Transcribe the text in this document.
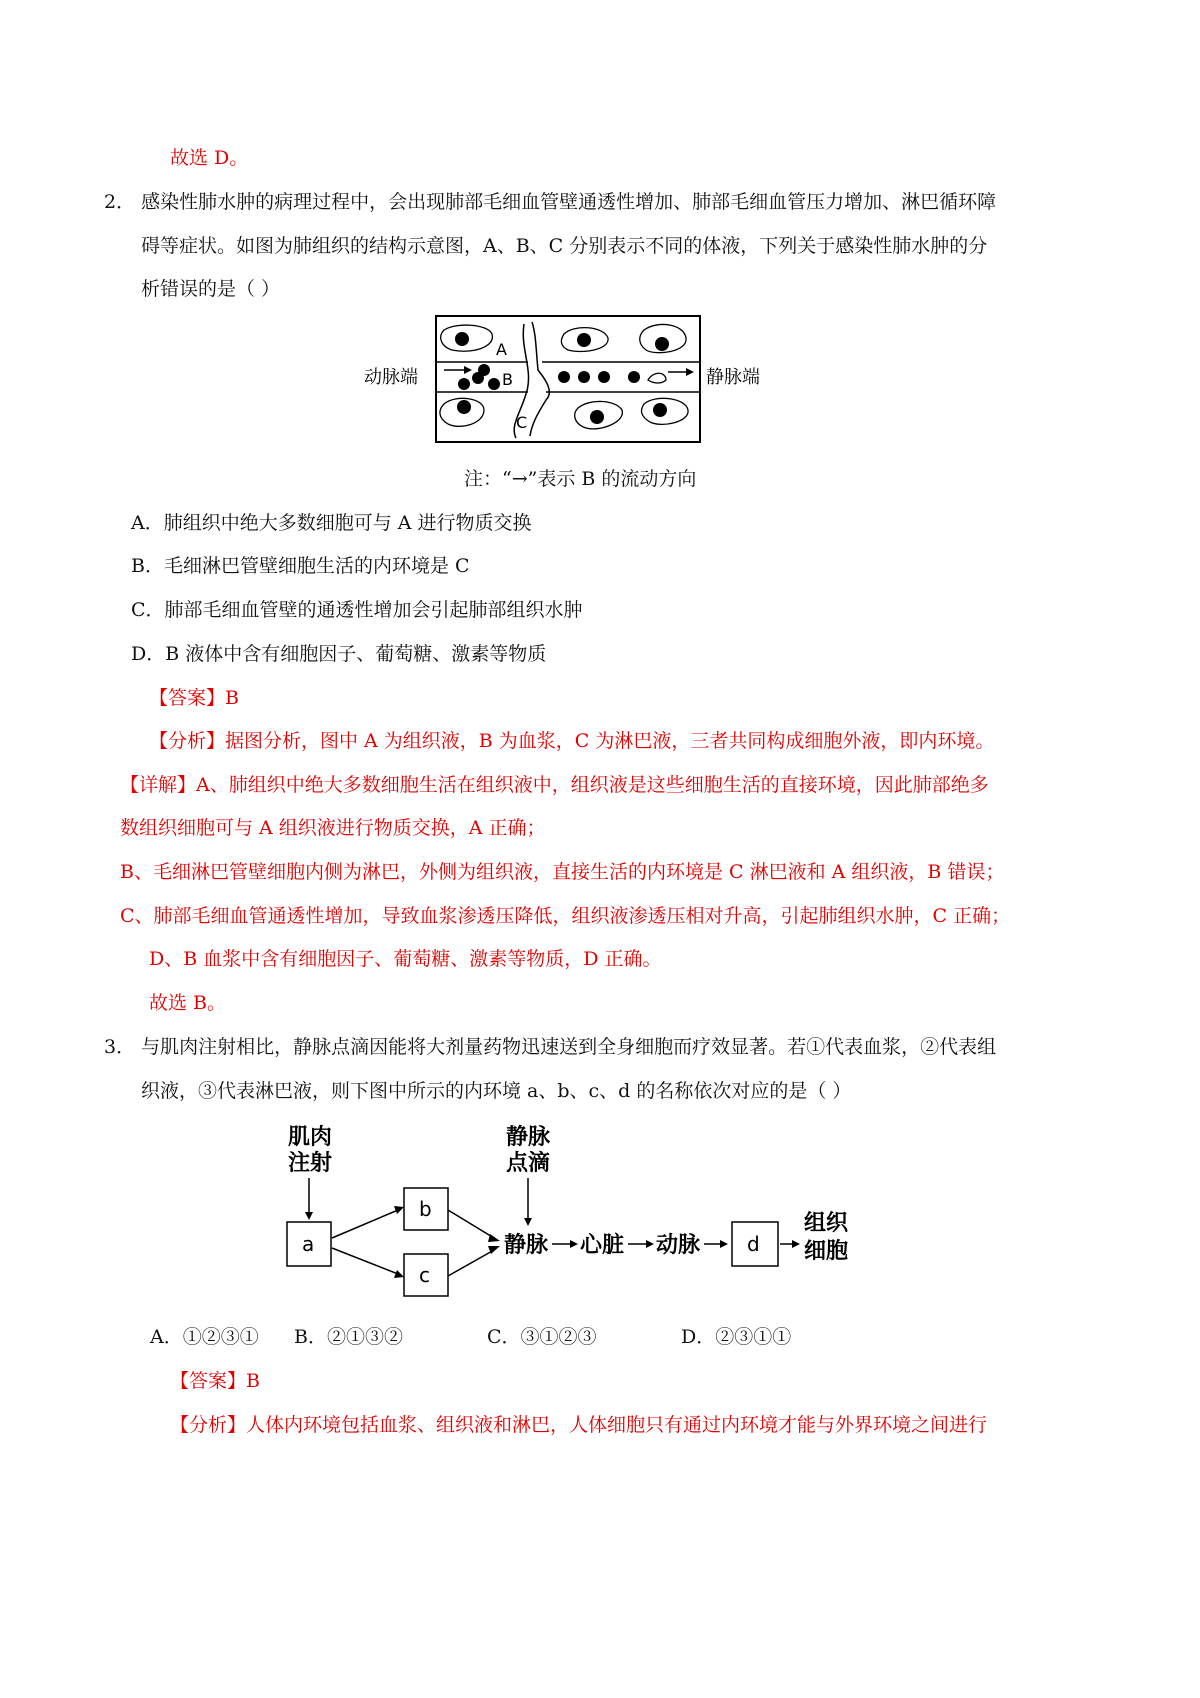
故选 D。
2． 感染性肺水肿的病理过程中，会出现肺部毛细血管壁通透性增加、肺部毛细血管压力增加、淋巴循环障
碍等症状。如图为肺组织的结构示意图，A、B、C 分别表示不同的体液，下列关于感染性肺水肿的分
析错误的是（ ）
动脉端	静脉端
A
B
C
注：“→”表示 B 的流动方向
A．肺组织中绝大多数细胞可与 A 进行物质交换
B．毛细淋巴管壁细胞生活的内环境是 C
C．肺部毛细血管壁的通透性增加会引起肺部组织水肿
D．B 液体中含有细胞因子、葡萄糖、激素等物质
【答案】B
【分析】据图分析，图中 A 为组织液，B 为血浆，C 为淋巴液，三者共同构成细胞外液，即内环境。
【详解】A、肺组织中绝大多数细胞生活在组织液中，组织液是这些细胞生活的直接环境，因此肺部绝多
数组织细胞可与 A 组织液进行物质交换，A 正确；
B、毛细淋巴管壁细胞内侧为淋巴，外侧为组织液，直接生活的内环境是 C 淋巴液和 A 组织液，B 错误；
C、肺部毛细血管通透性增加，导致血浆渗透压降低，组织液渗透压相对升高，引起肺组织水肿，C 正确；
D、B 血浆中含有细胞因子、葡萄糖、激素等物质，D 正确。
故选 B。
3． 与肌肉注射相比，静脉点滴因能将大剂量药物迅速送到全身细胞而疗效显著。若①代表血浆，②代表组
织液，③代表淋巴液，则下图中所示的内环境 a、b、c、d 的名称依次对应的是（ ）
肌肉
注射
静脉
点滴
a
b
c
静脉 心脏 动脉 d
组织
细胞
A．①②③① B．②①③②	C．③①②③	D．②③①①
【答案】B
【分析】人体内环境包括血浆、组织液和淋巴，人体细胞只有通过内环境才能与外界环境之间进行
